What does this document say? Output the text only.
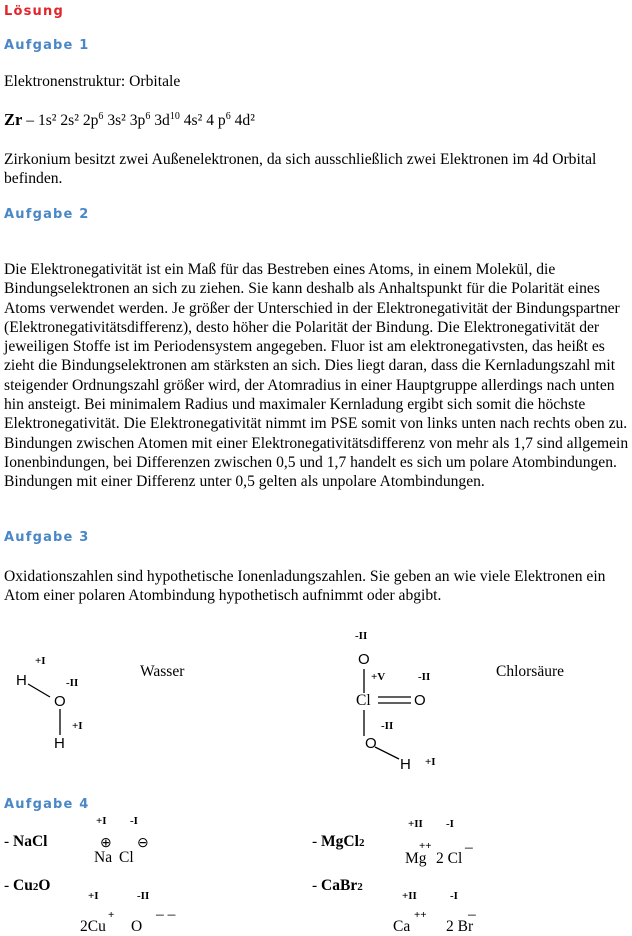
Lösung
Aufgabe 1
Elektronenstruktur: Orbitale
Zr – 1s² 2s² $2p^6$ 3s² $3p^6$ $3d^{10}$ 4s² 4 $p^6$ 4d²
Zirkonium besitzt zwei Außenelektronen, da sich ausschließlich zwei Elektronen im 4d Orbital befinden.
Aufgabe 2
Die Elektronegativität ist ein Maß für das Bestreben eines Atoms, in einem Molekül, die Bindungselektronen an sich zu ziehen. Sie kann deshalb als Anhaltspunkt für die Polarität eines Atoms verwendet werden. Je größer der Unterschied in der Elektronegativität der Bindungspartner (Elektronegativitätsdifferenz), desto höher die Polarität der Bindung. Die Elektronegativität der jeweiligen Stoffe ist im Periodensystem angegeben. Fluor ist am elektronegativsten, das heißt es zieht die Bindungselektronen am stärksten an sich. Dies liegt daran, dass die Kernladungszahl mit steigender Ordnungszahl größer wird, der Atomradius in einer Hauptgruppe allerdings nach unten hin ansteigt. Bei minimalem Radius und maximaler Kernladung ergibt sich somit die höchste Elektronegativität. Die Elektronegativität nimmt im PSE somit von links unten nach rechts oben zu. Bindungen zwischen Atomen mit einer Elektronegativitätsdifferenz von mehr als 1,7 sind allgemein Ionenbindungen, bei Differenzen zwischen 0,5 und 1,7 handelt es sich um polare Atombindungen. Bindungen mit einer Differenz unter 0,5 gelten als unpolare Atombindungen.
Aufgabe 3
Oxidationszahlen sind hypothetische Ionenladungszahlen. Sie geben an wie viele Elektronen ein Atom einer polaren Atombindung hypothetisch aufnimmt oder abgibt.
+I
H	-II
O
+I
H
Wasser
-II
O
+V	-II
Cl	O
-II
O
H +I
Chlorsäure
Aufgabe 4
+I -I
- NaCl	⊕ ⊖
Na Cl
+II -I
- MgCl2	++ –
Mg 2 Cl
- Cu2O
+I	-II
+	– –
2Cu O
- CaBr2
+II	-I
++	–
Ca 2 Br
